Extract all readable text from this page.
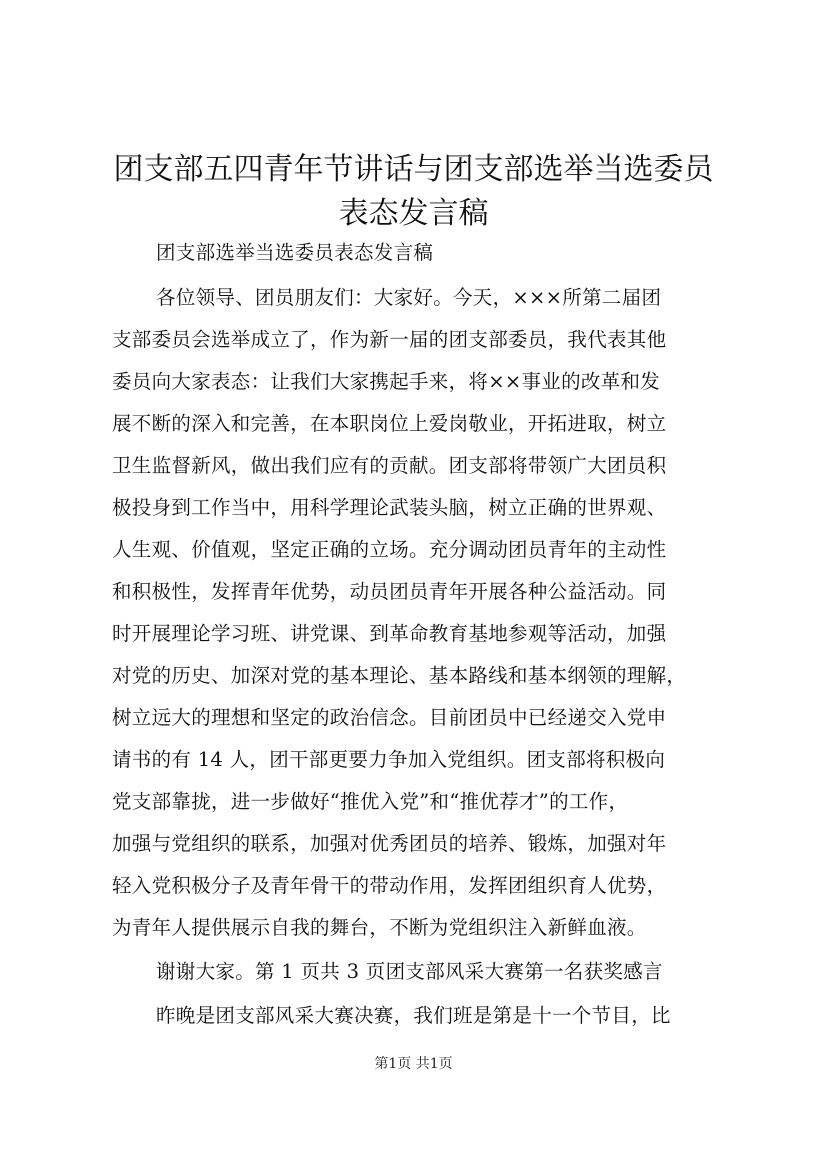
团支部五四青年节讲话与团支部选举当选委员
表态发言稿
团支部选举当选委员表态发言稿
各位领导、团员朋友们：大家好。今天，×××所第二届团
支部委员会选举成立了，作为新一届的团支部委员，我代表其他
委员向大家表态：让我们大家携起手来，将××事业的改革和发
展不断的深入和完善，在本职岗位上爱岗敬业，开拓进取，树立
卫生监督新风，做出我们应有的贡献。团支部将带领广大团员积
极投身到工作当中，用科学理论武装头脑，树立正确的世界观、
人生观、价值观，坚定正确的立场。充分调动团员青年的主动性
和积极性，发挥青年优势，动员团员青年开展各种公益活动。同
时开展理论学习班、讲党课、到革命教育基地参观等活动，加强
对党的历史、加深对党的基本理论、基本路线和基本纲领的理解，
树立远大的理想和坚定的政治信念。目前团员中已经递交入党申
请书的有 14 人，团干部更要力争加入党组织。团支部将积极向
党支部靠拢，进一步做好“推优入党”和“推优荐才”的工作，
加强与党组织的联系，加强对优秀团员的培养、锻炼，加强对年
轻入党积极分子及青年骨干的带动作用，发挥团组织育人优势，
为青年人提供展示自我的舞台，不断为党组织注入新鲜血液。
谢谢大家。第 1 页共 3 页团支部风采大赛第一名获奖感言
昨晚是团支部风采大赛决赛，我们班是第是十一个节目，比
第1页 共1页
